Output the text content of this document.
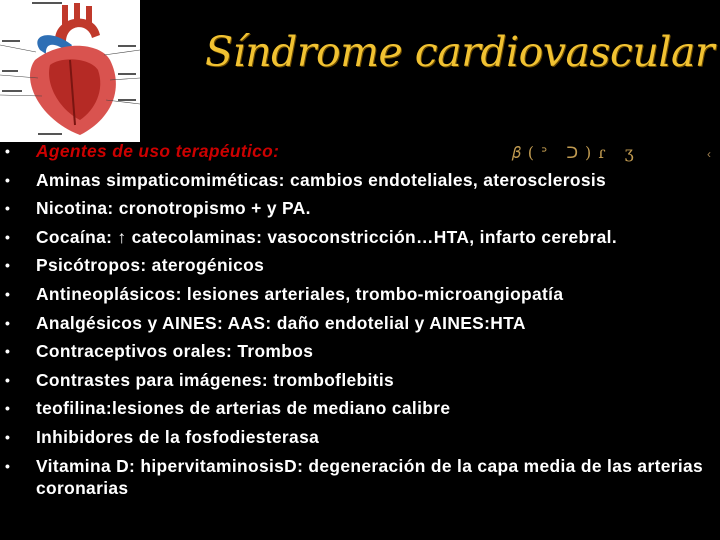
Síndrome cardiovascular
𝛽(ᐣ ᑐ)ɾ ʒ	‹
• Agentes de uso terapéutico:
• Aminas simpaticomiméticas: cambios endoteliales, aterosclerosis
• Nicotina: cronotropismo + y PA.
• Cocaína: ↑ catecolaminas: vasoconstricción…HTA, infarto cerebral.
• Psicótropos: aterogénicos
• Antineoplásicos: lesiones arteriales, trombo-microangiopatía
• Analgésicos y AINES: AAS: daño endotelial y AINES:HTA
• Contraceptivos orales: Trombos
• Contrastes para imágenes: tromboflebitis
• teofilina:lesiones de arterias de mediano calibre
• Inhibidores de la fosfodiesterasa
• Vitamina D: hipervitaminosisD: degeneración de la capa media de las arterias coronarias
